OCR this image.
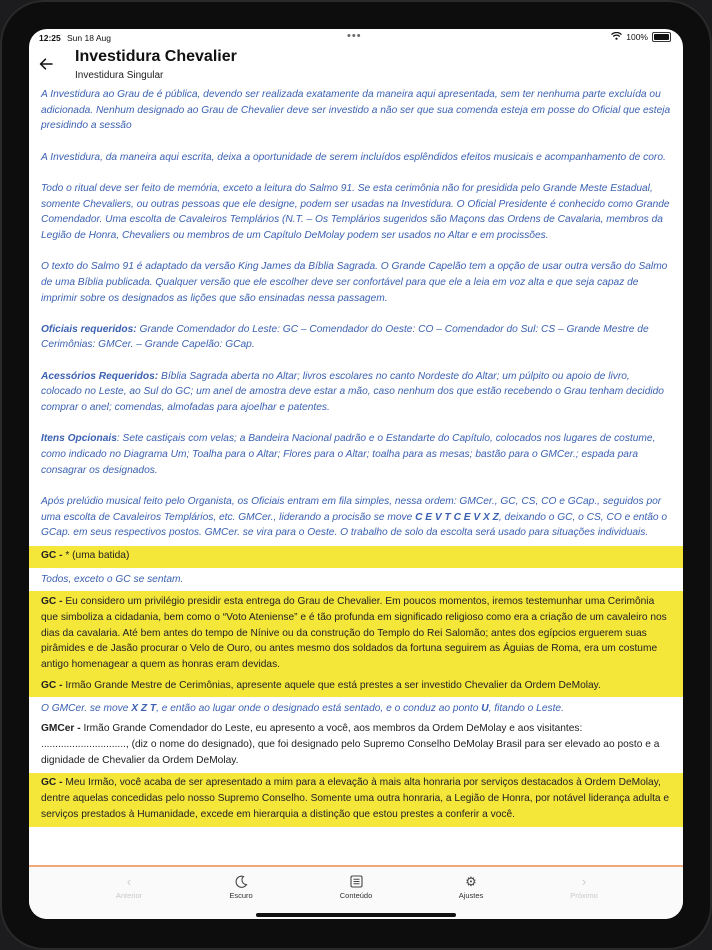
12:25 Sun 18 Aug	•••	100%
Investidura Chevalier
Investidura Singular

A Investidura ao Grau de é pública, devendo ser realizada exatamente da maneira aqui apresentada, sem ter nenhuma parte excluída ou adicionada. Nenhum designado ao Grau de Chevalier deve ser investido a não ser que sua comenda esteja em posse do Oficial que esteja presidindo a sessão

A Investidura, da maneira aqui escrita, deixa a oportunidade de serem incluídos esplêndidos efeitos musicais e acompanhamento de coro.

Todo o ritual deve ser feito de memória, exceto a leitura do Salmo 91. Se esta cerimônia não for presidida pelo Grande Meste Estadual, somente Chevaliers, ou outras pessoas que ele designe, podem ser usadas na Investidura. O Oficial Presidente é conhecido como Grande Comendador. Uma escolta de Cavaleiros Templários (N.T. – Os Templários sugeridos são Maçons das Ordens de Cavalaria, membros da Legião de Honra, Chevaliers ou membros de um Capítulo DeMolay podem ser usados no Altar e em procissões.

O texto do Salmo 91 é adaptado da versão King James da Bíblia Sagrada. O Grande Capelão tem a opção de usar outra versão do Salmo de uma Bíblia publicada. Qualquer versão que ele escolher deve ser confortável para que ele a leia em voz alta e que seja capaz de imprimir sobre os designados as lições que são ensinadas nessa passagem.

Oficiais requeridos: Grande Comendador do Leste: GC – Comendador do Oeste: CO – Comendador do Sul: CS – Grande Mestre de Cerimônias: GMCer. – Grande Capelão: GCap.

Acessórios Requeridos: Bíblia Sagrada aberta no Altar; livros escolares no canto Nordeste do Altar; um púlpito ou apoio de livro, colocado no Leste, ao Sul do GC; um anel de amostra deve estar a mão, caso nenhum dos que estão recebendo o Grau tenham decidido comprar o anel; comendas, almofadas para ajoelhar e patentes.

Itens Opcionais: Sete castiçais com velas; a Bandeira Nacional padrão e o Estandarte do Capítulo, colocados nos lugares de costume, como indicado no Diagrama Um; Toalha para o Altar; Flores para o Altar; toalha para as mesas; bastão para o GMCer.; espada para consagrar os designados.

Após prelúdio musical feito pelo Organista, os Oficiais entram em fila simples, nessa ordem: GMCer., GC, CS, CO e GCap., seguidos por uma escolta de Cavaleiros Templários, etc. GMCer., liderando a procisão se move C E V T C E V X Z, deixando o GC, o CS, CO e então o GCap. em seus respectivos postos. GMCer. se vira para o Oeste. O trabalho de solo da escolta será usado para situações individuais.

GC - * (uma batida)

Todos, exceto o GC se sentam.

GC - Eu considero um privilégio presidir esta entrega do Grau de Chevalier. Em poucos momentos, iremos testemunhar uma Cerimônia que simboliza a cidadania, bem como o “Voto Ateniense” e é tão profunda em significado religioso como era a criação de um cavaleiro nos dias da cavalaria. Até bem antes do tempo de Nínive ou da construção do Templo do Rei Salomão; antes dos egípcios erguerem suas pirâmides e de Jasão procurar o Velo de Ouro, ou antes mesmo dos soldados da fortuna seguirem as Águias de Roma, era um costume antigo homenagear a quem as honras eram devidas.

GC - Irmão Grande Mestre de Cerimônias, apresente aquele que está prestes a ser investido Chevalier da Ordem DeMolay.

O GMCer. se move X Z T, e então ao lugar onde o designado está sentado, e o conduz ao ponto U, fitando o Leste.

GMCer - Irmão Grande Comendador do Leste, eu apresento a você, aos membros da Ordem DeMolay e aos visitantes: .............................., (diz o nome do designado), que foi designado pelo Supremo Conselho DeMolay Brasil para ser elevado ao posto e a dignidade de Chevalier da Ordem DeMolay.

GC - Meu Irmão, você acaba de ser apresentado a mim para a elevação à mais alta honraria por serviços destacados à Ordem DeMolay, dentre aquelas concedidas pelo nosso Supremo Conselho. Somente uma outra honraria, a Legião de Honra, por notável liderança adulta e serviços prestados à Humanidade, excede em hierarquia a distinção que estou prestes a conferir a você.

‹
Anterior	Escuro	Conteúdo
⚙
Ajustes
›
Próximo
